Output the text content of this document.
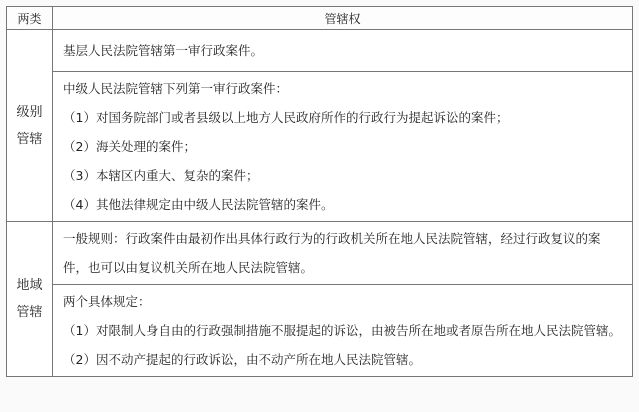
两类	管辖权

级别管辖	基层人民法院管辖第一审行政案件。

	中级人民法院管辖下列第一审行政案件：

（1）对国务院部门或者县级以上地方人民政府所作的行政行为提起诉讼的案件；

（2）海关处理的案件；

（3）本辖区内重大、复杂的案件；

（4）其他法律规定由中级人民法院管辖的案件。

地域管辖	一般规则：行政案件由最初作出具体行政行为的行政机关所在地人民法院管辖，经过行政复议的案件，也可以由复议机关所在地人民法院管辖。

	两个具体规定：

（1）对限制人身自由的行政强制措施不服提起的诉讼，由被告所在地或者原告所在地人民法院管辖。

（2）因不动产提起的行政诉讼，由不动产所在地人民法院管辖。
